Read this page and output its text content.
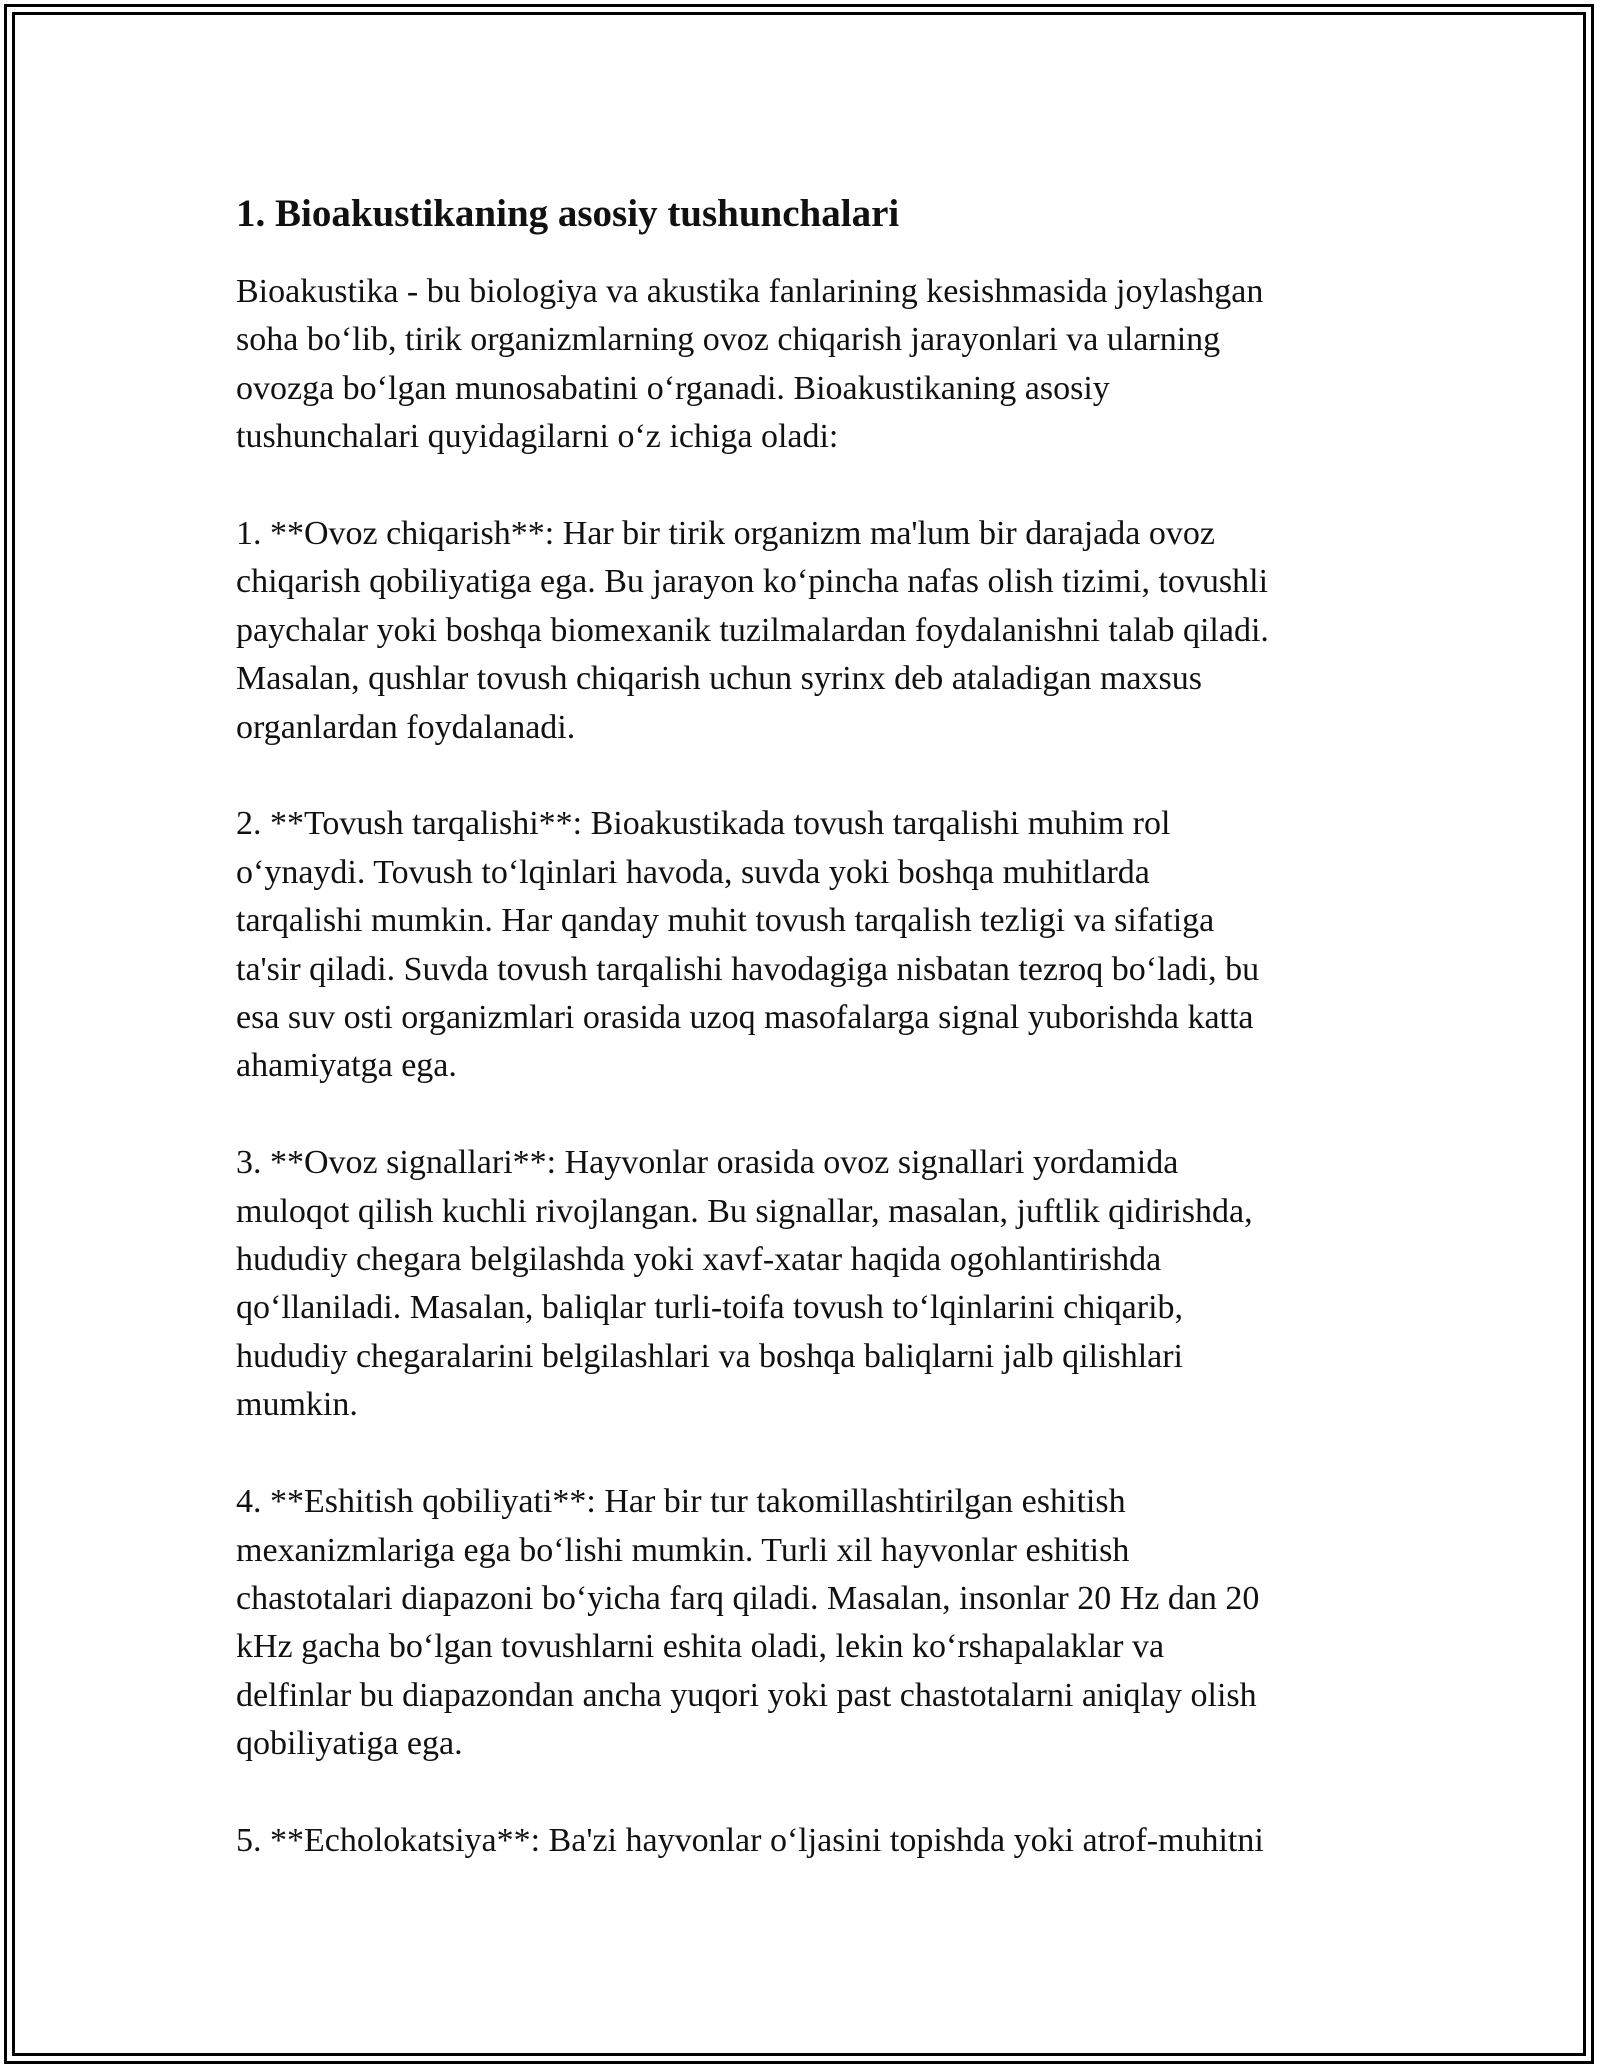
1. Bioakustikaning asosiy tushunchalari

Bioakustika - bu biologiya va akustika fanlarining kesishmasida joylashgan
soha bo‘lib, tirik organizmlarning ovoz chiqarish jarayonlari va ularning
ovozga bo‘lgan munosabatini o‘rganadi. Bioakustikaning asosiy
tushunchalari quyidagilarni o‘z ichiga oladi:

1. **Ovoz chiqarish**: Har bir tirik organizm ma'lum bir darajada ovoz
chiqarish qobiliyatiga ega. Bu jarayon ko‘pincha nafas olish tizimi, tovushli
paychalar yoki boshqa biomexanik tuzilmalardan foydalanishni talab qiladi.
Masalan, qushlar tovush chiqarish uchun syrinx deb ataladigan maxsus
organlardan foydalanadi.

2. **Tovush tarqalishi**: Bioakustikada tovush tarqalishi muhim rol
o‘ynaydi. Tovush to‘lqinlari havoda, suvda yoki boshqa muhitlarda
tarqalishi mumkin. Har qanday muhit tovush tarqalish tezligi va sifatiga
ta'sir qiladi. Suvda tovush tarqalishi havodagiga nisbatan tezroq bo‘ladi, bu
esa suv osti organizmlari orasida uzoq masofalarga signal yuborishda katta
ahamiyatga ega.

3. **Ovoz signallari**: Hayvonlar orasida ovoz signallari yordamida
muloqot qilish kuchli rivojlangan. Bu signallar, masalan, juftlik qidirishda,
hududiy chegara belgilashda yoki xavf-xatar haqida ogohlantirishda
qo‘llaniladi. Masalan, baliqlar turli-toifa tovush to‘lqinlarini chiqarib,
hududiy chegaralarini belgilashlari va boshqa baliqlarni jalb qilishlari
mumkin.

4. **Eshitish qobiliyati**: Har bir tur takomillashtirilgan eshitish
mexanizmlariga ega bo‘lishi mumkin. Turli xil hayvonlar eshitish
chastotalari diapazoni bo‘yicha farq qiladi. Masalan, insonlar 20 Hz dan 20
kHz gacha bo‘lgan tovushlarni eshita oladi, lekin ko‘rshapalaklar va
delfinlar bu diapazondan ancha yuqori yoki past chastotalarni aniqlay olish
qobiliyatiga ega.

5. **Echolokatsiya**: Ba'zi hayvonlar o‘ljasini topishda yoki atrof-muhitni
